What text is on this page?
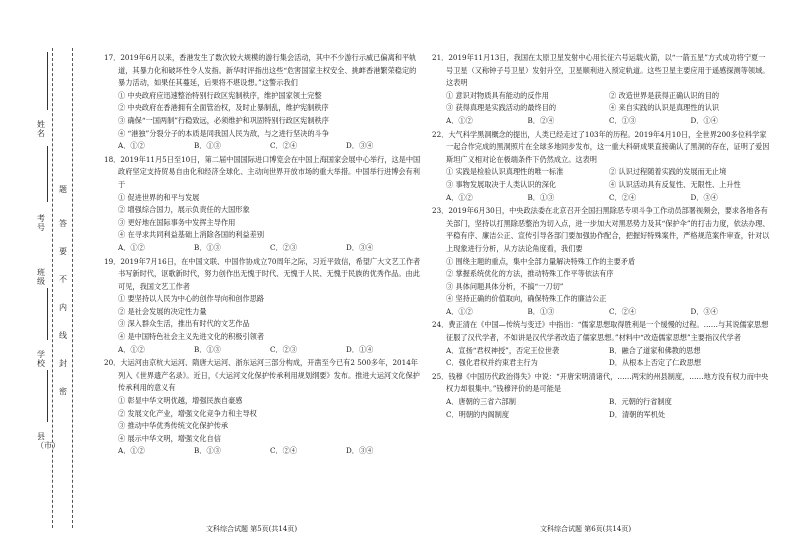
姓名
考号
班级
学校
县（市）
题
答
要
不
内
线
封
密
17．2019年6月以来，香港发生了数次较大规模的游行集会活动，其中不少游行示威已偏离和平轨道，其暴力化和破坏性令人发指。新华时评指出这些“危害国家主权安全、挑衅香港繁荣稳定的暴力活动，如果任其蔓延，后果将不堪设想。”这警示我们
① 中央政府应迅速整治特别行政区宪制秩序，维护国家领土完整
② 中央政府在香港拥有全面管治权，及时止暴制乱，维护宪制秩序
③ 确保“一国两制”行稳致远，必须维护和巩固特别行政区宪制秩序
④ “港独”分裂分子的本质是同我国人民为敌，与之进行坚决的斗争
A．①②	B．①③	C．②④	D．③④
18．2019年11月5日至10日，第二届中国国际进口博览会在中国上海国家会展中心举行，这是中国政府坚定支持贸易自由化和经济全球化、主动向世界开放市场的重大举措。中国举行进博会有利于
① 促进世界的和平与发展
② 增强综合国力，展示负责任的大国形象
③ 更好地在国际事务中发挥主导作用
④ 在寻求共同利益基础上消除各国的利益差别
A．①②	B．①③	C．②③	D．③④
19．2019年7月16日，在中国文联、中国作协成立70周年之际，习近平致信，希望广大文艺工作者书写新时代，讴歌新时代，努力创作出无愧于时代、无愧于人民、无愧于民族的优秀作品。由此可见，我国文艺工作者
① 要坚持以人民为中心的创作导向和创作思路
② 是社会发展的决定性力量
③ 深入群众生活，推出有时代的文艺作品
④ 是中国特色社会主义先进文化的积极引领者
A．①②	B．①③	C．②③	D．①④
20．大运河由京杭大运河、隋唐大运河、浙东运河三部分构成，开凿至今已有2 500多年，2014年列入《世界遗产名录》。近日，《大运河文化保护传承利用规划纲要》发布。推进大运河文化保护传承利用的意义有
① 彰显中华文明优越，增强民族自豪感
② 发展文化产业，增强文化竞争力和主导权
③ 推动中华优秀传统文化保护传承
④ 展示中华文明，增强文化自信
A．①②	B．①③	C．②④	D．③④
21．2019年11月13日，我国在太原卫星发射中心用长征六号运载火箭，以“一箭五星”方式成功将宁夏一号卫星（又称钟子号卫星）发射升空，卫星顺利进入预定轨道。这些卫星主要应用于遥感探测等领域。这表明
① 意识对物质具有能动的反作用	② 改造世界是获得正确认识的目的
③ 获得真理是实践活动的最终目的	④ 来自实践的认识是真理性的认识
A．①②	B．②④	C．①③	D．①④
22．大气科学黑洞概念的提出，人类已经走过了103年的历程。2019年4月10日，全世界200多位科学家一起合作完成的黑洞照片在全球多地同步发布，这一重大科研成果直接确认了黑洞的存在，证明了爱因斯坦广义相对论在极端条件下仍然成立。这表明
① 实践是检验认识真理性的唯一标准	② 认识过程随着实践的发展而无止境
③ 事物发展取决于人类认识的深化	④ 认识活动具有反复性、无限性、上升性
A．①②	B．①③	C．②④	D．③④
23．2019年6月30日，中央政法委在北京召开全国扫黑除恶专项斗争工作动员部署视频会，要求各地各有关部门，坚持以打黑除恶整治为切入点，进一步加大对黑恶势力及其“保护伞”的打击力度，依法办理、平稳有序、廉洁公正、宣传引导各部门要加强协作配合，把握好特殊案件，严格规范案件审查，针对以上现象进行分析，从方法论角度看，我们要
① 围绕主题的重点，集中全部力量解决特殊工作的主要矛盾
② 掌握系统优化的方法，推动特殊工作平等依法有序
③ 具体问题具体分析，不搞“一刀切”
④ 坚持正确的价值取向，确保特殊工作的廉洁公正
A．①②	B．①③	C．②④	D．③④
24．费正清在《中国—传统与变迁》中指出：“儒家思想取得胜利是一个缓慢的过程。……与其说儒家思想征服了汉代学者，不如讲是汉代学者改造了儒家思想。”材料中“改造儒家思想”主要指汉代学者
A．宣扬“君权神授”，否定王位世袭	B．融合了道家和佛教的思想
C．强化君权并约束君主行为	D．从根本上否定了仁政思想
25．钱穆《中国历代政治得失》中说：“开唐宋明清诸代，……两宋的州县制度，……地方没有权力而中央权力却很集中。”钱穆评价的是可能是
A．唐朝的三省六部制	B．元朝的行省制度
C．明朝的内阁制度	D．清朝的军机处
文科综合试题 第5页(共14页)	文科综合试题 第6页(共14页)
